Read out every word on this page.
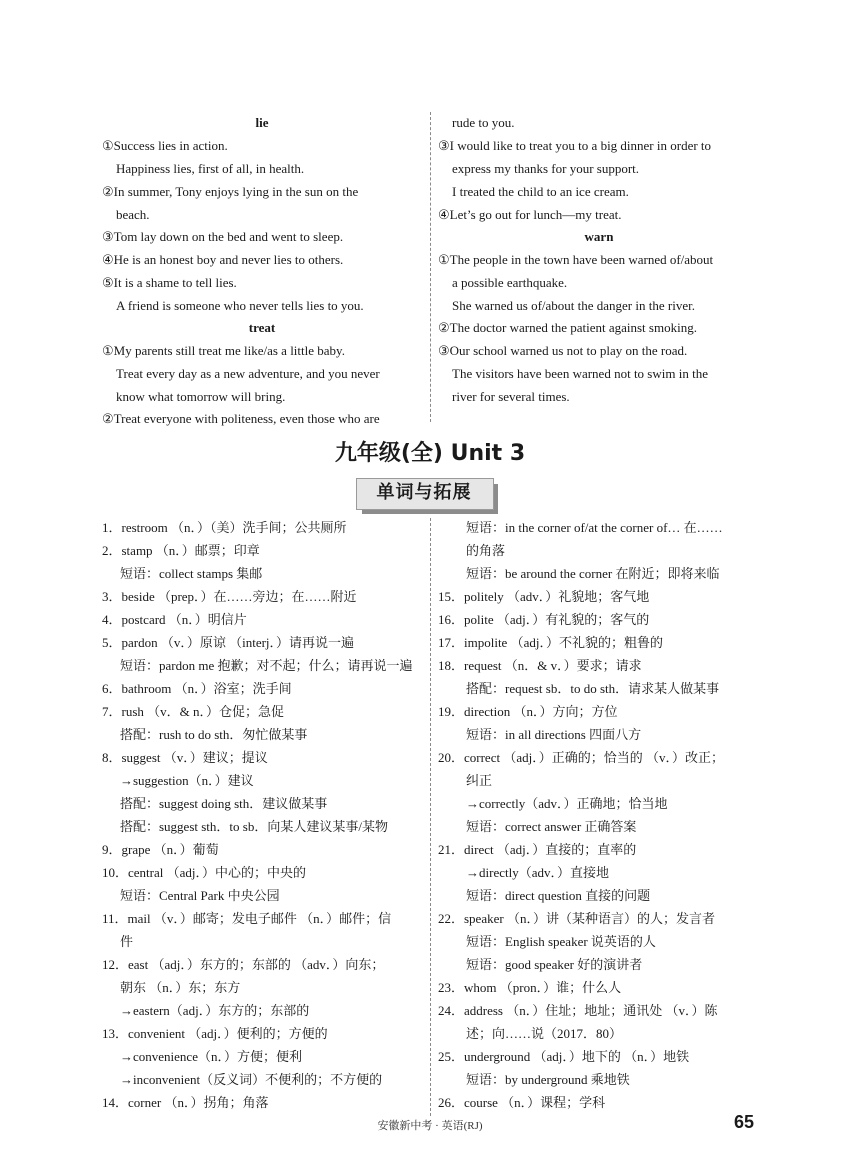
lie
①Success lies in action.
Happiness lies, first of all, in health.
②In summer, Tony enjoys lying in the sun on the
beach.
③Tom lay down on the bed and went to sleep.
④He is an honest boy and never lies to others.
⑤It is a shame to tell lies.
A friend is someone who never tells lies to you.
treat
①My parents still treat me like/as a little baby.
Treat every day as a new adventure, and you never
know what tomorrow will bring.
②Treat everyone with politeness, even those who are
rude to you.
③I would like to treat you to a big dinner in order to
express my thanks for your support.
I treated the child to an ice cream.
④Let’s go out for lunch—my treat.
warn
①The people in the town have been warned of/about
a possible earthquake.
She warned us of/about the danger in the river.
②The doctor warned the patient against smoking.
③Our school warned us not to play on the road.
The visitors have been warned not to swim in the
river for several times.
九年级(全) Unit 3
单词与拓展
1．restroom （n．）（美）洗手间；公共厕所
2．stamp （n．）邮票；印章
短语：collect stamps 集邮
3．beside （prep．）在……旁边；在……附近
4．postcard （n．）明信片
5．pardon （v．）原谅 （interj．）请再说一遍
短语：pardon me 抱歉；对不起；什么；请再说一遍
6．bathroom （n．）浴室；洗手间
7．rush （v．& n．）仓促；急促
搭配：rush to do sth．匆忙做某事
8．suggest （v．）建议；提议
→suggestion（n．）建议
搭配：suggest doing sth．建议做某事
搭配：suggest sth．to sb．向某人建议某事/某物
9．grape （n．）葡萄
10．central （adj．）中心的；中央的
短语：Central Park 中央公园
11．mail （v．）邮寄；发电子邮件 （n．）邮件；信
件
12．east （adj．）东方的；东部的 （adv．）向东；
朝东 （n．）东；东方
→eastern（adj．）东方的；东部的
13．convenient （adj．）便利的；方便的
→convenience（n．）方便；便利
→inconvenient（反义词）不便利的；不方便的
14．corner （n．）拐角；角落
短语：in the corner of/at the corner of… 在……
的角落
短语：be around the corner 在附近；即将来临
15．politely （adv．）礼貌地；客气地
16．polite （adj．）有礼貌的；客气的
17．impolite （adj．）不礼貌的；粗鲁的
18．request （n．& v．）要求；请求
搭配：request sb．to do sth．请求某人做某事
19．direction （n．）方向；方位
短语：in all directions 四面八方
20．correct （adj．）正确的；恰当的 （v．）改正；
纠正
→correctly（adv．）正确地；恰当地
短语：correct answer 正确答案
21．direct （adj．）直接的；直率的
→directly（adv．）直接地
短语：direct question 直接的问题
22．speaker （n．）讲（某种语言）的人；发言者
短语：English speaker 说英语的人
短语：good speaker 好的演讲者
23．whom （pron．）谁；什么人
24．address （n．）住址；地址；通讯处 （v．）陈
述；向……说（2017．80）
25．underground （adj．）地下的 （n．）地铁
短语：by underground 乘地铁
26．course （n．）课程；学科
安徽新中考 · 英语(RJ)	65
